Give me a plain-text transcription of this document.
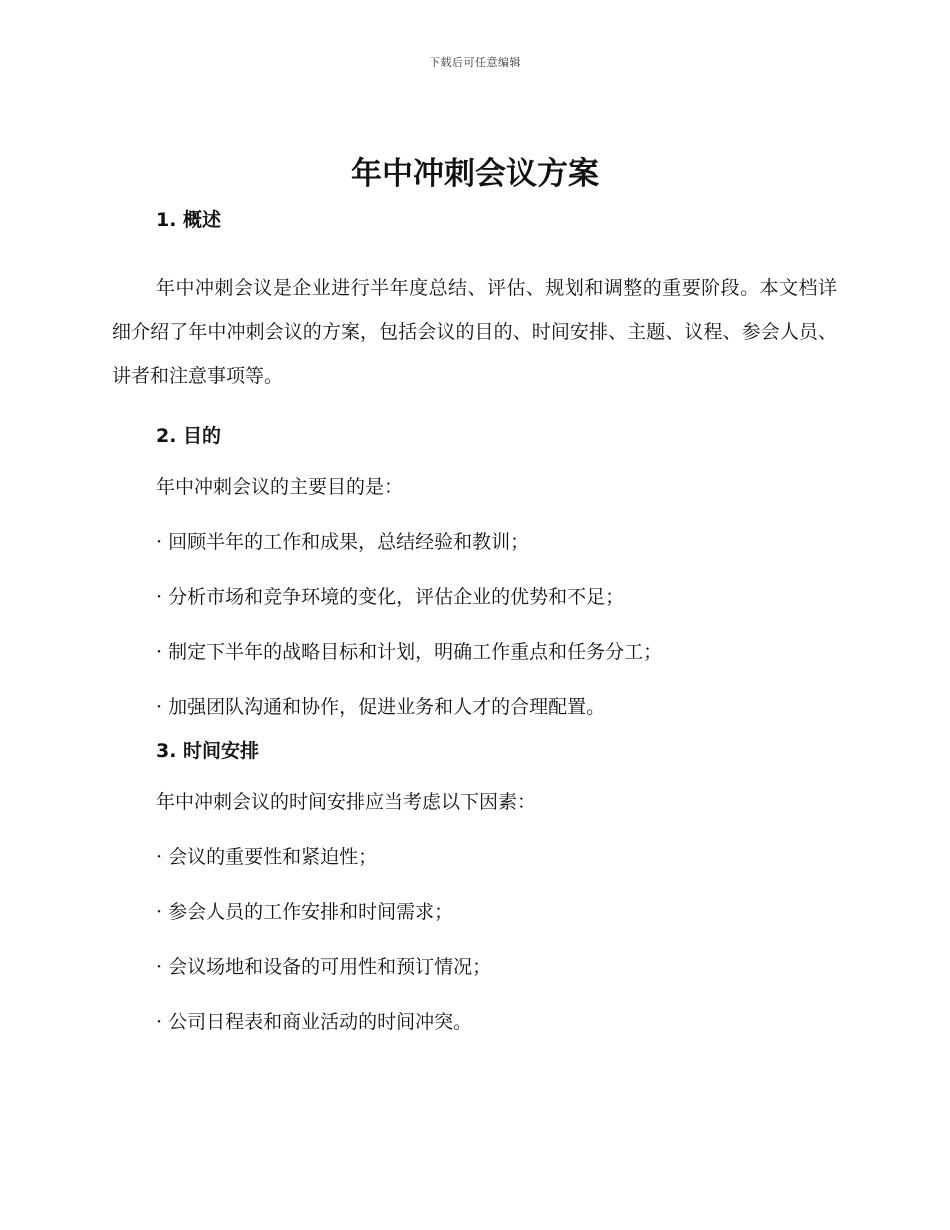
下载后可任意编辑
年中冲刺会议方案
1. 概述

年中冲刺会议是企业进行半年度总结、评估、规划和调整的重要阶段。本文档详细介绍了年中冲刺会议的方案，包括会议的目的、时间安排、主题、议程、参会人员、讲者和注意事项等。

2. 目的
年中冲刺会议的主要目的是：
· 回顾半年的工作和成果，总结经验和教训；
· 分析市场和竞争环境的变化，评估企业的优势和不足；
· 制定下半年的战略目标和计划，明确工作重点和任务分工；
· 加强团队沟通和协作，促进业务和人才的合理配置。
3. 时间安排
年中冲刺会议的时间安排应当考虑以下因素：
· 会议的重要性和紧迫性；
· 参会人员的工作安排和时间需求；
· 会议场地和设备的可用性和预订情况；
· 公司日程表和商业活动的时间冲突。
